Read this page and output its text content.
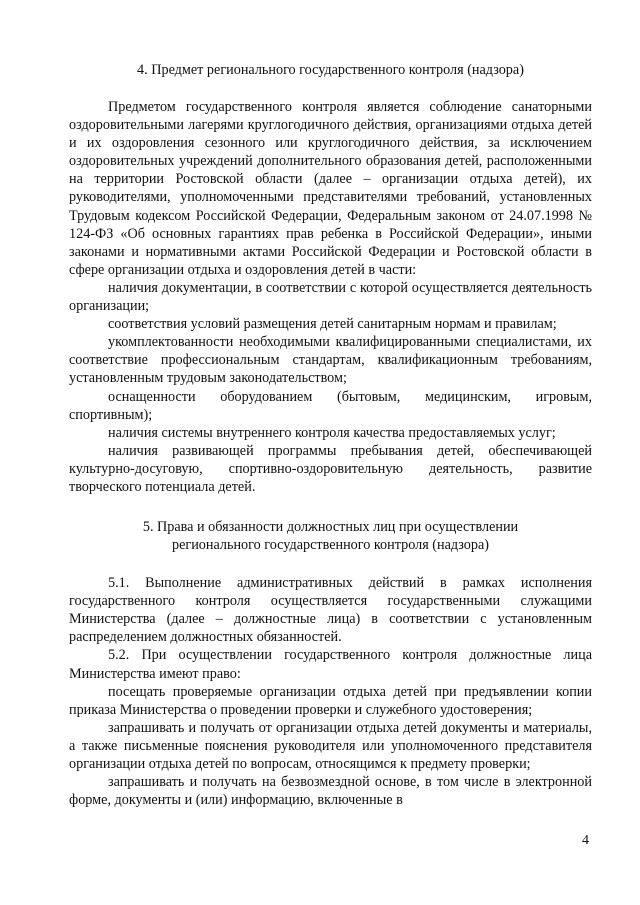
4. Предмет регионального государственного контроля (надзора)

Предметом государственного контроля является соблюдение санаторными оздоровительными лагерями круглогодичного действия, организациями отдыха детей и их оздоровления сезонного или круглогодичного действия, за исключением оздоровительных учреждений дополнительного образования детей, расположенными на территории Ростовской области (далее – организации отдыха детей), их руководителями, уполномоченными представителями требований, установленных Трудовым кодексом Российской Федерации, Федеральным законом от 24.07.1998 № 124-ФЗ «Об основных гарантиях прав ребенка в Российской Федерации», иными законами и нормативными актами Российской Федерации и Ростовской области в сфере организации отдыха и оздоровления детей в части:

наличия документации, в соответствии с которой осуществляется деятельность организации;

соответствия условий размещения детей санитарным нормам и правилам;

укомплектованности необходимыми квалифицированными специалистами, их соответствие профессиональным стандартам, квалификационным требованиям, установленным трудовым законодательством;

оснащенности оборудованием (бытовым, медицинским, игровым, спортивным);

наличия системы внутреннего контроля качества предоставляемых услуг;

наличия развивающей программы пребывания детей, обеспечивающей культурно-досуговую, спортивно-оздоровительную деятельность, развитие творческого потенциала детей.

5. Права и обязанности должностных лиц при осуществлении
регионального государственного контроля (надзора)

5.1. Выполнение административных действий в рамках исполнения государственного контроля осуществляется государственными служащими Министерства (далее – должностные лица) в соответствии с установленным распределением должностных обязанностей.

5.2. При осуществлении государственного контроля должностные лица Министерства имеют право:

посещать проверяемые организации отдыха детей при предъявлении копии приказа Министерства о проведении проверки и служебного удостоверения;

запрашивать и получать от организации отдыха детей документы и материалы, а также письменные пояснения руководителя или уполномоченного представителя организации отдыха детей по вопросам, относящимся к предмету проверки;

запрашивать и получать на безвозмездной основе, в том числе в электронной форме, документы и (или) информацию, включенные в

4
